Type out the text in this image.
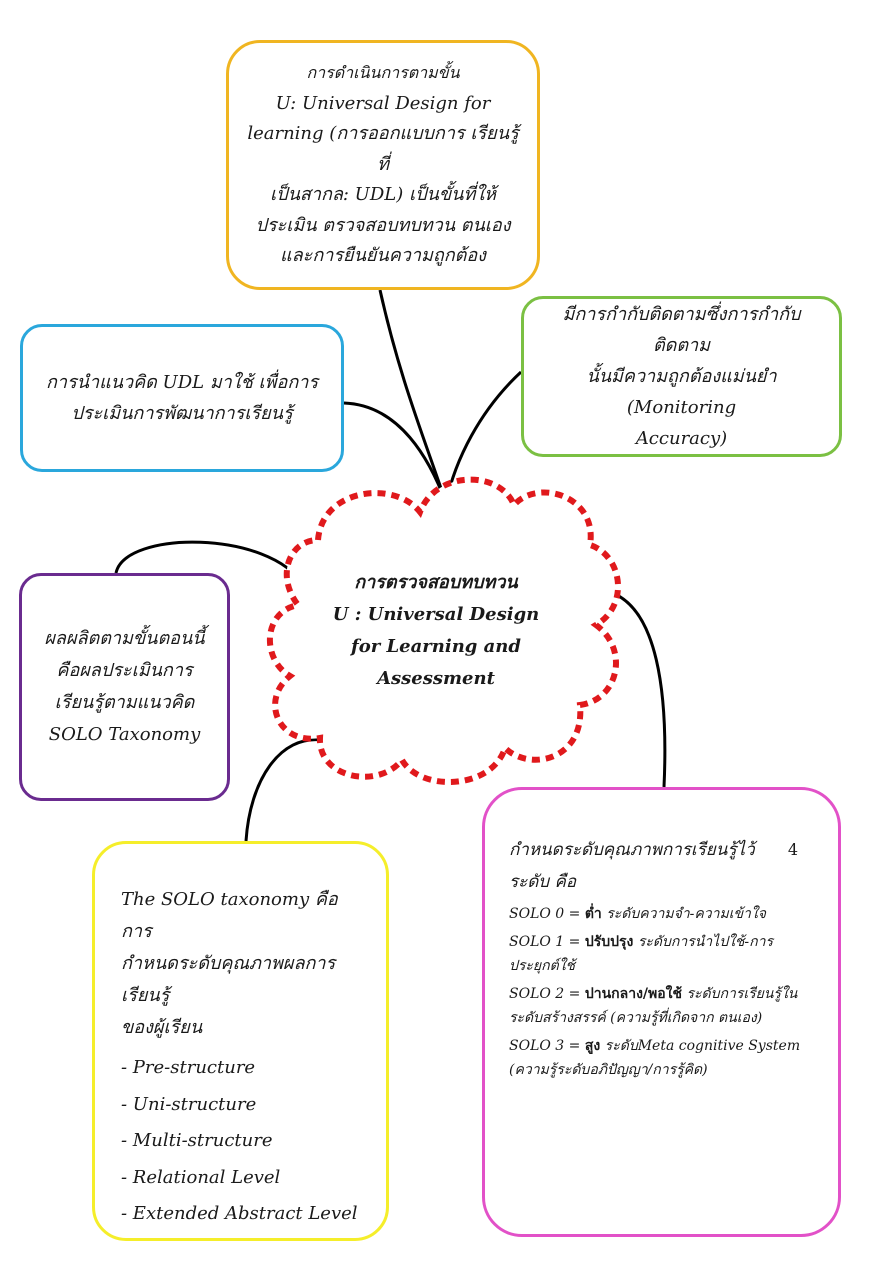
การตรวจสอบทบทวน
U : Universal Design
for Learning and
Assessment
การดำเนินการตามขั้น
U: Universal Design for
learning (การออกแบบการ เรียนรู้ที่
เป็นสากล: UDL) เป็นขั้นที่ให้
ประเมิน ตรวจสอบทบทวน ตนเอง
และการยืนยันความถูกต้อง
การนำแนวคิด UDL มาใช้ เพื่อการ
ประเมินการพัฒนาการเรียนรู้
มีการกำกับติดตามซึ่งการกำกับติดตาม
นั้นมีความถูกต้องแม่นยำ (Monitoring
Accuracy)
ผลผลิตตามขั้นตอนนี้
คือผลประเมินการ
เรียนรู้ตามแนวคิด
SOLO Taxonomy
The SOLO taxonomy คือการ
กำหนดระดับคุณภาพผลการเรียนรู้
ของผู้เรียน
- Pre-structure
- Uni-structure
- Multi-structure
- Relational Level
- Extended Abstract Level
กำหนดระดับคุณภาพการเรียนรู้ไว้ 4
ระดับ คือ
SOLO 0 = ต่ำ ระดับความจำ-ความเข้าใจ
SOLO 1 = ปรับปรุง ระดับการนำไปใช้-การประยุกต์ใช้
SOLO 2 = ปานกลาง/พอใช้ ระดับการเรียนรู้ในระดับสร้างสรรค์ (ความรู้ที่เกิดจาก ตนเอง)
SOLO 3 = สูง ระดับMeta cognitive System (ความรู้ระดับอภิปัญญา/การรู้คิด)
